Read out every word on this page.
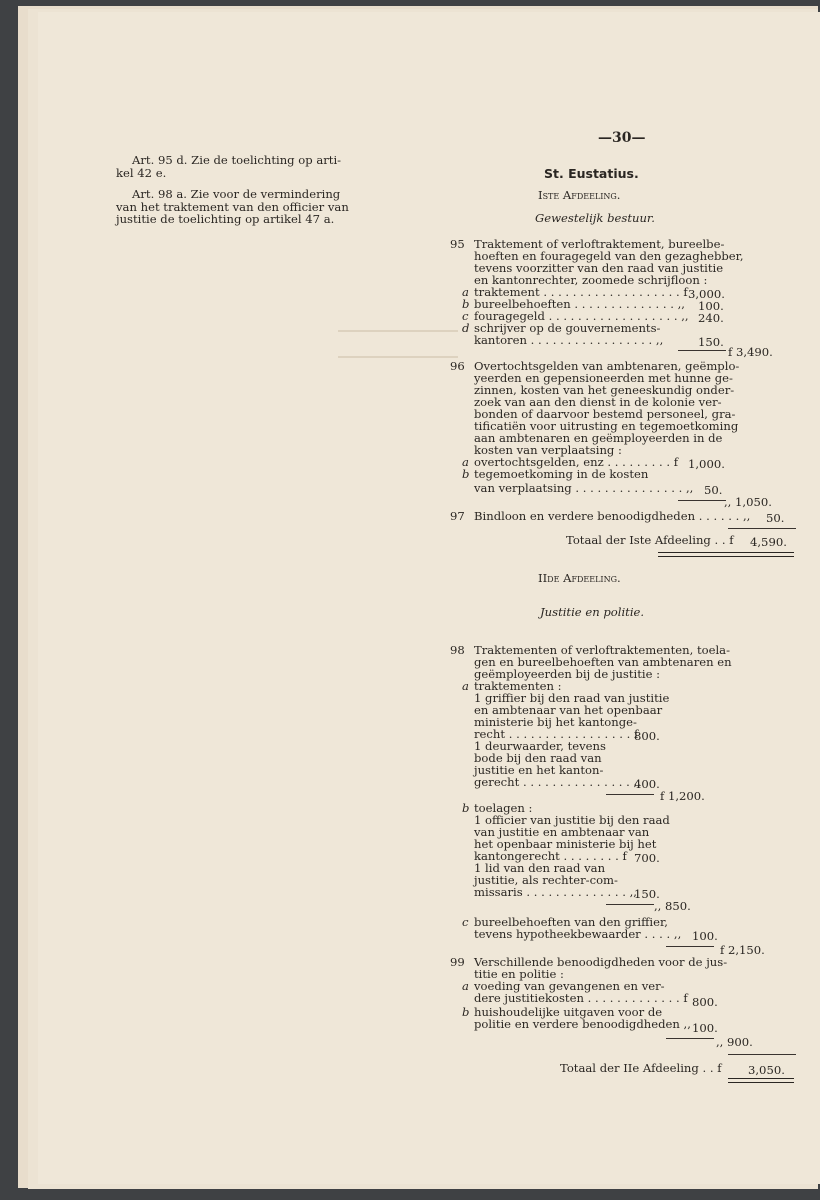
Art. 95 d. Zie de toelichting op arti-
kel 42 e.
Art. 98 a. Zie voor de vermindering
van het traktement van den officier van
justitie de toelichting op artikel 47 a.
—30—
St. Eustatius.
Iste Afdeeling.
Gewestelijk bestuur.
95 Traktement of verloftraktement, bureelbe-
hoeften en fouragegeld van den gezaghebber,
tevens voorzitter van den raad van justitie
en kantonrechter, zoomede schrijfloon :
a traktement . . . . . . . . . . . . . . . . . . . f 3,000.
b bureelbehoeften . . . . . . . . . . . . . . ,, 100.
c fouragegeld . . . . . . . . . . . . . . . . . . ,, 240.
d schrijver op de gouvernements-
kantoren . . . . . . . . . . . . . . . . . ,,	150.
f 3,490.
96 Overtochtsgelden van ambtenaren, geëmplo-
yeerden en gepensioneerden met hunne ge-
zinnen, kosten van het geneeskundig onder-
zoek van aan den dienst in de kolonie ver-
bonden of daarvoor bestemd personeel, gra-
tificatiën voor uitrusting en tegemoetkoming
aan ambtenaren en geëmployeerden in de
kosten van verplaatsing :
a overtochtsgelden, enz . . . . . . . . . f 1,000.
b tegemoetkoming in de kosten
van verplaatsing . . . . . . . . . . . . . . . ,, 50.
,, 1,050.
97 Bindloon en verdere benoodigdheden . . . . . . ,, 50.
Totaal der Iste Afdeeling . . f 4,590.
IIde Afdeeling.
Justitie en politie.
98 Traktementen of verloftraktementen, toela-
gen en bureelbehoeften van ambtenaren en
geëmployeerden bij de justitie :
a traktementen :
1 griffier bij den raad van justitie
en ambtenaar van het openbaar
ministerie bij het kantonge-
recht . . . . . . . . . . . . . . . . . f
800.
1 deurwaarder, tevens
bode bij den raad van
justitie en het kanton-
gerecht . . . . . . . . . . . . . . . ,,
400.
f 1,200.
b toelagen :
1 officier van justitie bij den raad
van justitie en ambtenaar van
het openbaar ministerie bij het
kantongerecht . . . . . . . . f 700.
1 lid van den raad van
justitie, als rechter-com-
missaris . . . . . . . . . . . . . . ,,
150.
,, 850.
c bureelbehoeften van den griffier,
tevens hypotheekbewaarder . . . . ,, 100.
f 2,150.
99 Verschillende benoodigdheden voor de jus-
titie en politie :
a voeding van gevangenen en ver-
dere justitiekosten . . . . . . . . . . . . . f 800.
b huishoudelijke uitgaven voor de
politie en verdere benoodigdheden ,, 100.
,, 900.
Totaal der IIe Afdeeling . . f 3,050.
